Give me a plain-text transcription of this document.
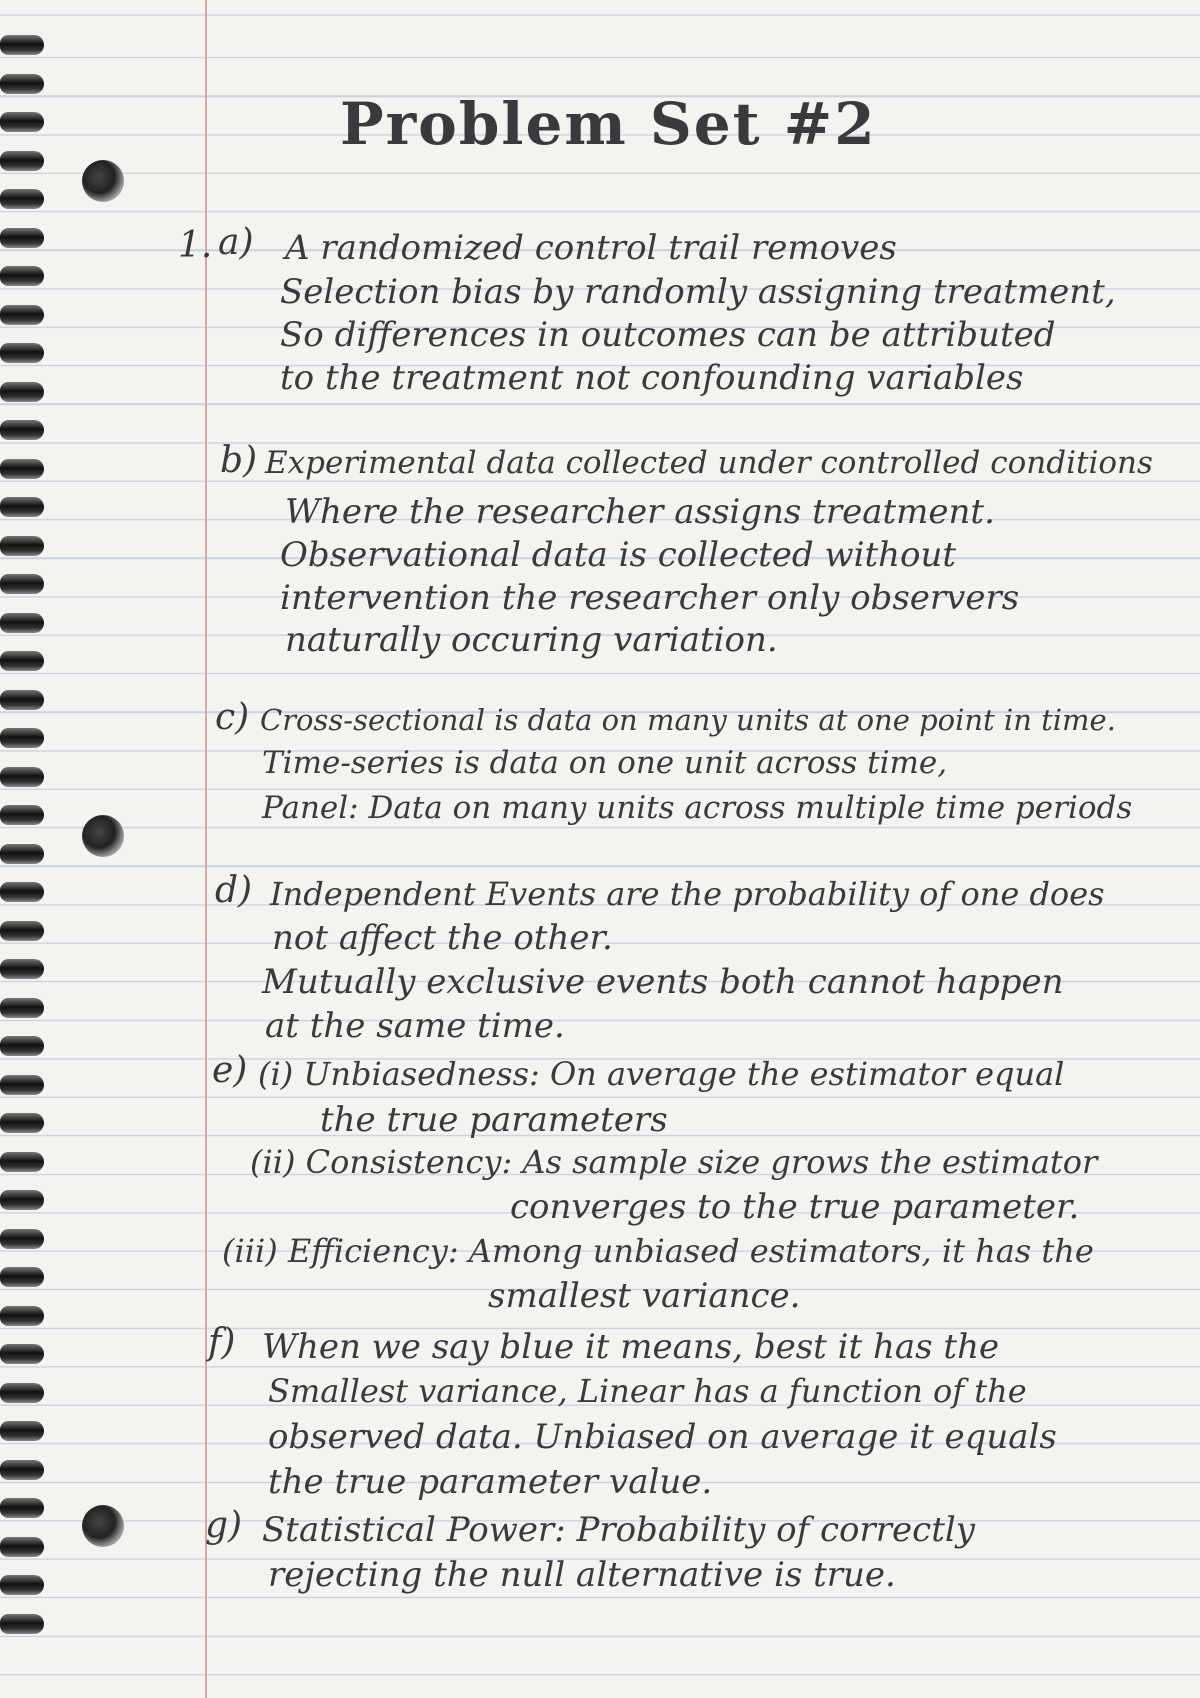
Problem Set #2

1. a) A randomized control trail removes

Selection bias by randomly assigning treatment,

So differences in outcomes can be attributed

to the treatment not confounding variables

b) Experimental data collected under controlled conditions

Where the researcher assigns treatment.

Observational data is collected without

intervention the researcher only observers

naturally occuring variation.

c) Cross-sectional is data on many units at one point in time.

Time-series is data on one unit across time,

Panel: Data on many units across multiple time periods

d) Independent Events are the probability of one does

not affect the other.

Mutually exclusive events both cannot happen

at the same time.

e) (i) Unbiasedness: On average the estimator equal

the true parameters

(ii) Consistency: As sample size grows the estimator

converges to the true parameter.

(iii) Efficiency: Among unbiased estimators, it has the

smallest variance.

f) When we say blue it means, best it has the

Smallest variance, Linear has a function of the

observed data. Unbiased on average it equals

the true parameter value.

g) Statistical Power: Probability of correctly

rejecting the null alternative is true.
